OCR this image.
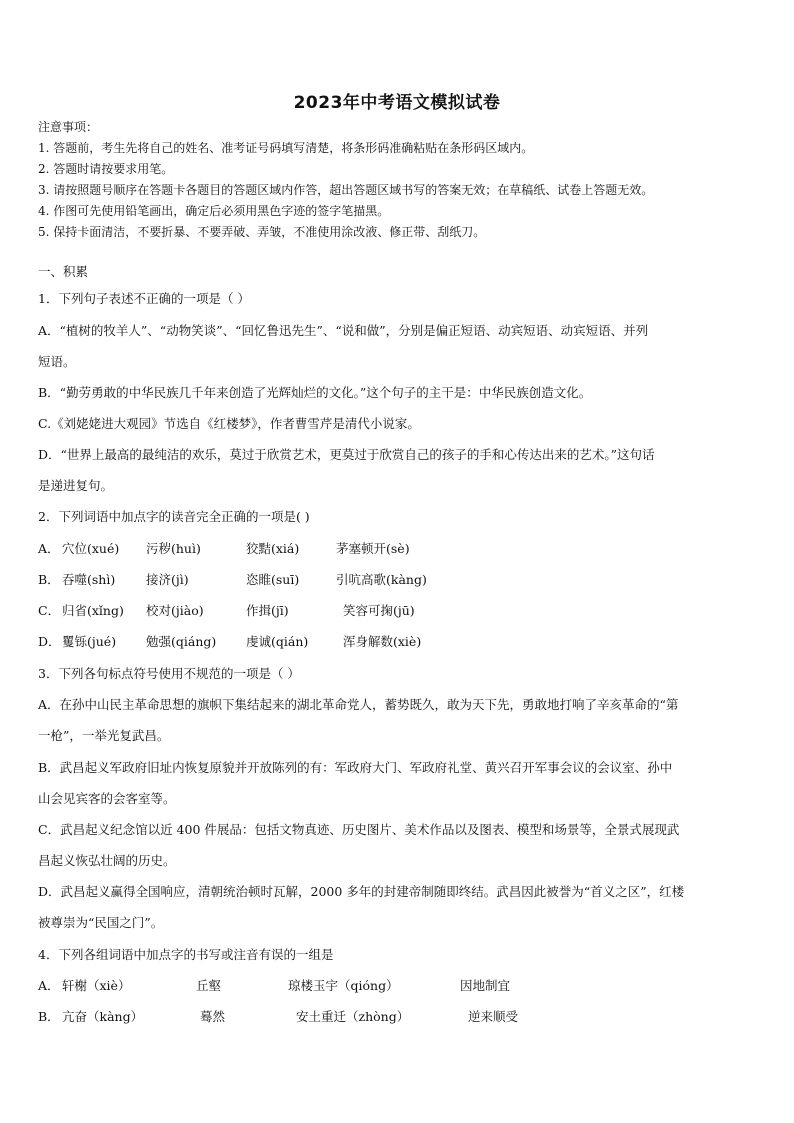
2023年中考语文模拟试卷
注意事项：
1. 答题前，考生先将自己的姓名、准考证号码填写清楚，将条形码准确粘贴在条形码区域内。
2. 答题时请按要求用笔。
3. 请按照题号顺序在答题卡各题目的答题区域内作答，超出答题区域书写的答案无效；在草稿纸、试卷上答题无效。
4. 作图可先使用铅笔画出，确定后必须用黑色字迹的签字笔描黑。
5. 保持卡面清洁，不要折暴、不要弄破、弄皱，不准使用涂改液、修正带、刮纸刀。
一、积累
1．下列句子表述不正确的一项是（ ）
A．“植树的牧羊人”、“动物笑谈”、“回忆鲁迅先生”、“说和做”，分别是偏正短语、动宾短语、动宾短语、并列
短语。
B．“勤劳勇敢的中华民族几千年来创造了光辉灿烂的文化。”这个句子的主干是：中华民族创造文化。
C.《刘姥姥进大观园》节选自《红楼梦》，作者曹雪芹是清代小说家。
D．“世界上最高的最纯洁的欢乐，莫过于欣赏艺术，更莫过于欣赏自己的孩子的手和心传达出来的艺术。”这句话
是递进复句。
2．下列词语中加点字的读音完全正确的一项是( )
A． 穴位(xué) 污秽(huì)	狡黠(xiá)	茅塞顿开(sè)
B． 吞噬(shì) 接济(jì)	恣睢(suī)	引吭高歌(kàng)
C． 归省(xǐng) 校对(jiào)	作揖(jī)	笑容可掬(jū)
D． 矍铄(jué) 勉强(qiáng) 虔诚(qián)	浑身解数(xiè)
3．下列各句标点符号使用不规范的一项是（ ）
A．在孙中山民主革命思想的旗帜下集结起来的湖北革命党人，蓄势既久，敢为天下先，勇敢地打响了辛亥革命的“第
一枪”，一举光复武昌。
B．武昌起义军政府旧址内恢复原貌并开放陈列的有：军政府大门、军政府礼堂、黄兴召开军事会议的会议室、孙中
山会见宾客的会客室等。
C．武昌起义纪念馆以近 400 件展品：包括文物真迹、历史图片、美术作品以及图表、模型和场景等，全景式展现武
昌起义恢弘壮阔的历史。
D．武昌起义赢得全国响应，清朝统治顿时瓦解，2000 多年的封建帝制随即终结。武昌因此被誉为“首义之区”，红楼
被尊崇为“民国之门”。
4．下列各组词语中加点字的书写或注音有误的一组是
A． 轩榭（xiè）	丘壑	琼楼玉宇（qióng）	因地制宜
B． 亢奋（kàng）	蓦然	安土重迁（zhòng）	逆来顺受
